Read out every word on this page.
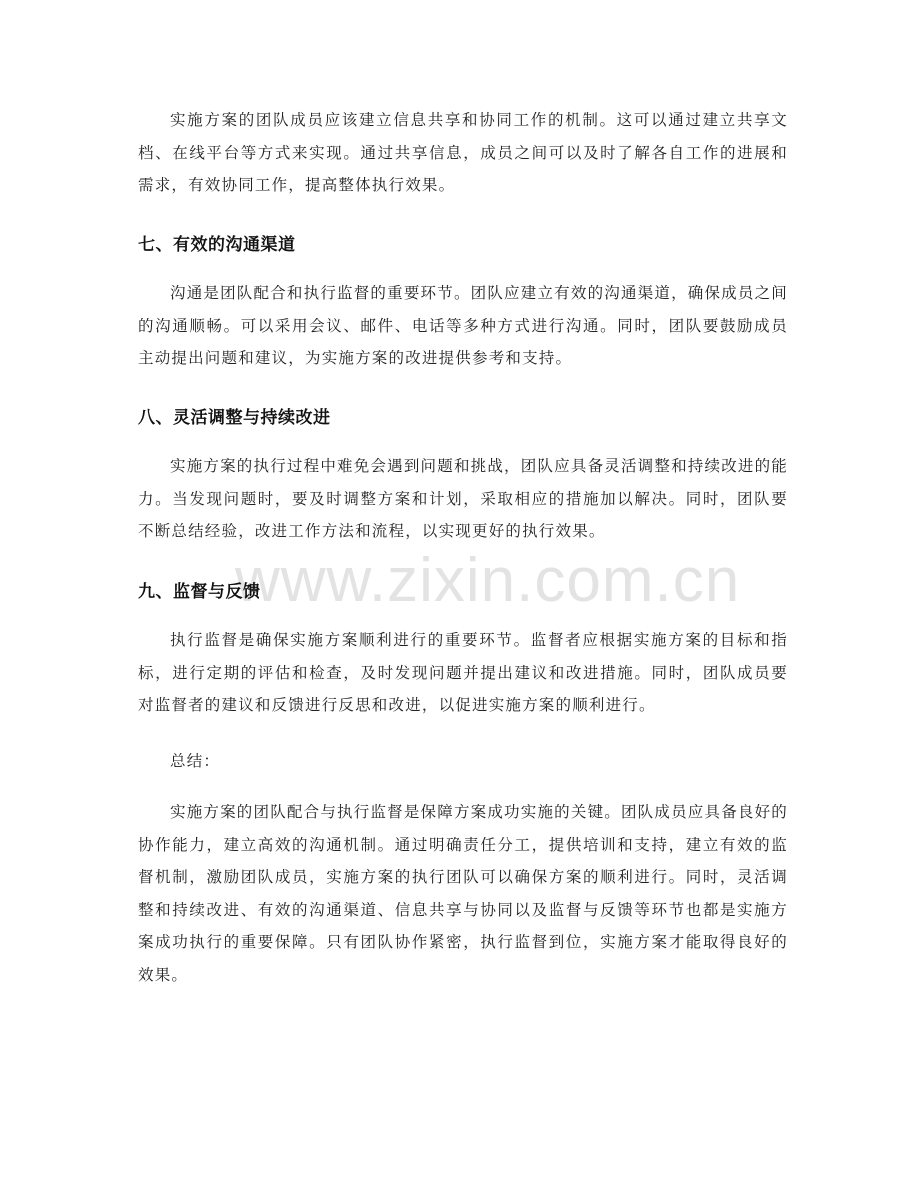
www.zixin.com.cn

实施方案的团队成员应该建立信息共享和协同工作的机制。这可以通过建立共享文档、在线平台等方式来实现。通过共享信息，成员之间可以及时了解各自工作的进展和需求，有效协同工作，提高整体执行效果。

七、有效的沟通渠道

沟通是团队配合和执行监督的重要环节。团队应建立有效的沟通渠道，确保成员之间的沟通顺畅。可以采用会议、邮件、电话等多种方式进行沟通。同时，团队要鼓励成员主动提出问题和建议，为实施方案的改进提供参考和支持。

八、灵活调整与持续改进

实施方案的执行过程中难免会遇到问题和挑战，团队应具备灵活调整和持续改进的能力。当发现问题时，要及时调整方案和计划，采取相应的措施加以解决。同时，团队要不断总结经验，改进工作方法和流程，以实现更好的执行效果。

九、监督与反馈

执行监督是确保实施方案顺利进行的重要环节。监督者应根据实施方案的目标和指标，进行定期的评估和检查，及时发现问题并提出建议和改进措施。同时，团队成员要对监督者的建议和反馈进行反思和改进，以促进实施方案的顺利进行。

总结：

实施方案的团队配合与执行监督是保障方案成功实施的关键。团队成员应具备良好的协作能力，建立高效的沟通机制。通过明确责任分工，提供培训和支持，建立有效的监督机制，激励团队成员，实施方案的执行团队可以确保方案的顺利进行。同时，灵活调整和持续改进、有效的沟通渠道、信息共享与协同以及监督与反馈等环节也都是实施方案成功执行的重要保障。只有团队协作紧密，执行监督到位，实施方案才能取得良好的效果。
